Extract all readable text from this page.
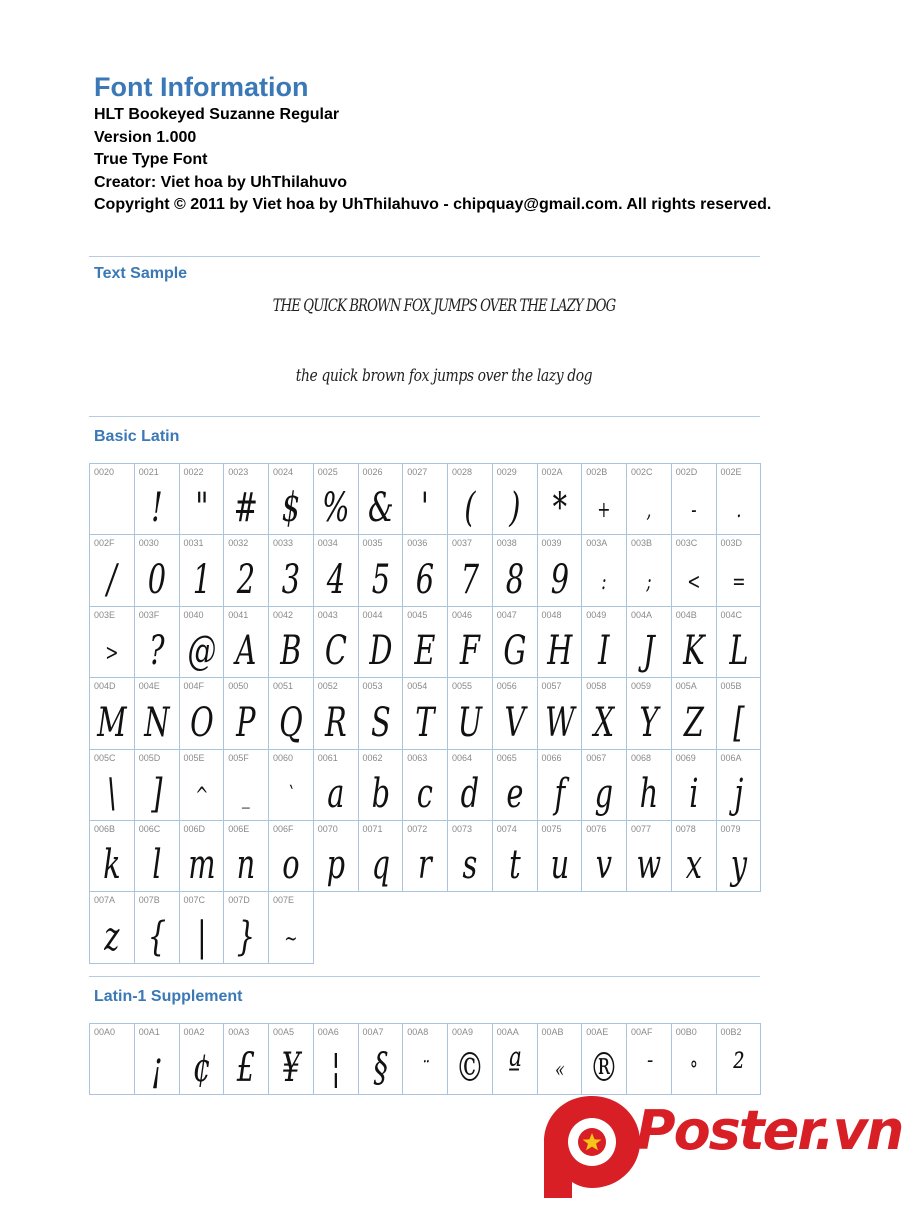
Font Information
HLT Bookeyed Suzanne Regular
Version 1.000
True Type Font
Creator: Viet hoa by UhThilahuvo
Copyright © 2011 by Viet hoa by UhThilahuvo - chipquay@gmail.com. All rights reserved.
Text Sample
THE QUICK BROWN FOX JUMPS OVER THE LAZY DOG
the quick brown fox jumps over the lazy dog
Basic Latin
0020	0021
!
0022
"
0023
#
0024
$
0025
%
0026
&
0027
'
0028
(
0029
)
002A
*
002B
+
002C
,
002D
-
002E
.
002F
/
0030
0
0031
1
0032
2
0033
3
0034
4
0035
5
0036
6
0037
7
0038
8
0039
9
003A
:
003B
;
003C
<
003D
=
003E
>
003F
?
0040
@
0041
A
0042
B
0043
C
0044
D
0045
E
0046
F
0047
G
0048
H
0049
I
004A
J
004B
K
004C
L
004D
M
004E
N
004F
O
0050
P
0051
Q
0052
R
0053
S
0054
T
0055
U
0056
V
0057
W
0058
X
0059
Y
005A
Z
005B
[
005C
\
005D
]
005E
^
005F
_
0060
`
0061
a
0062
b
0063
c
0064
d
0065
e
0066
f
0067
g
0068
h
0069
i
006A
j
006B
k
006C
l
006D
m
006E
n
006F
o
0070
p
0071
q
0072
r
0073
s
0074
t
0075
u
0076
v
0077
w
0078
x
0079
y
007A
z
007B
{
007C
|
007D
}
007E
~
Latin-1 Supplement
00A0	00A1
¡
00A2
¢
00A3
£
00A5
¥
00A6
¦
00A7
§
00A8
¨
00A9
©
00AA
ª
00AB
«
00AE
®
00AF
¯
00B0
°
00B2
²
Poster.vn
